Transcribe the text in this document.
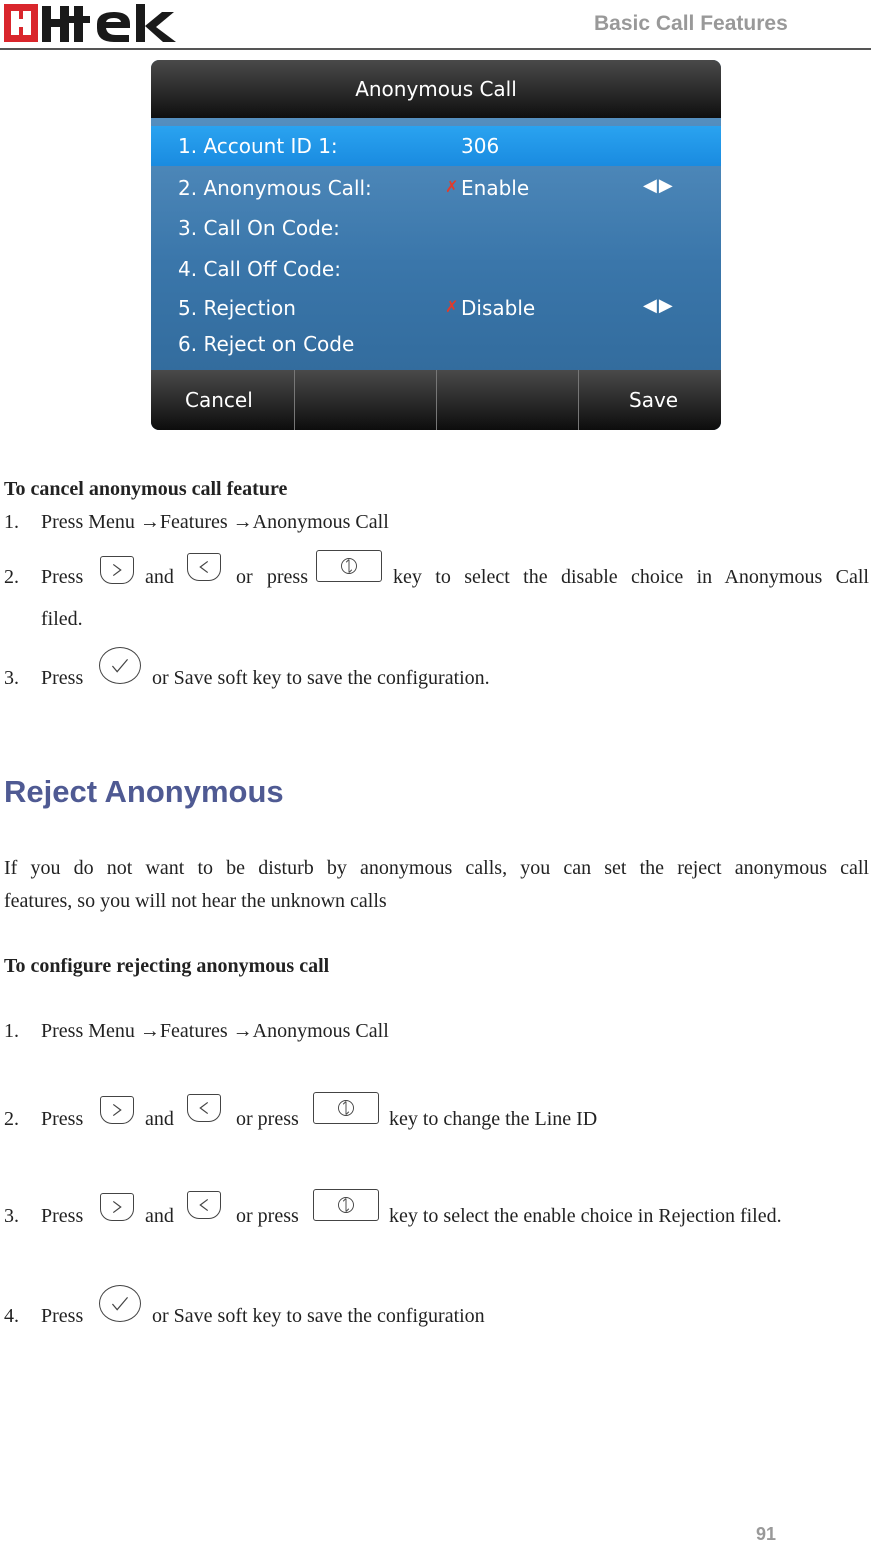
Basic Call Features
Anonymous Call
1. Account ID 1:	306
2. Anonymous Call:	✗ Enable	◀▶
3. Call On Code:
4. Call Off Code:
5. Rejection	✗ Disable	◀▶
6. Reject on Code
Cancel	Save
To cancel anonymous call feature
1. Press Menu →Features →Anonymous Call
2. Press	and	or press	key to select the disable choice in Anonymous Call
filed.
3. Press	or Save soft key to save the configuration.
Reject Anonymous
If you do not want to be disturb by anonymous calls, you can set the reject anonymous call
features, so you will not hear the unknown calls
To configure rejecting anonymous call
1. Press Menu →Features →Anonymous Call
2. Press	and	or press	key to change the Line ID
3. Press	and	or press	key to select the enable choice in Rejection filed.
4. Press	or Save soft key to save the configuration
91
